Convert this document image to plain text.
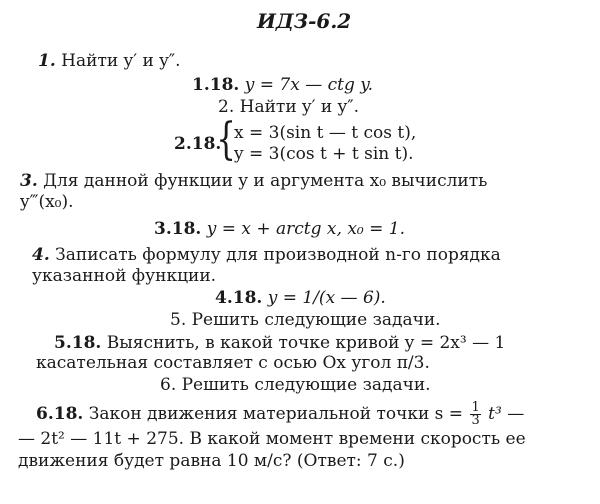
ИДЗ-6.2
1. Найти y′ и y″.
1.18. y = 7x — ctg y.
2. Найти y′ и y″.
2.18.
{
x = 3(sin t — t cos t),
y = 3(cos t + t sin t).
3. Для данной функции y и аргумента x₀ вычислить
y‴(x₀).
3.18. y = x + arctg x, x₀ = 1.
4. Записать формулу для производной n-го порядка
указанной функции.
4.18. y = 1/(x — 6).
5. Решить следующие задачи.
5.18. Выяснить, в какой точке кривой y = 2x³ — 1
касательная составляет с осью Ox угол π/3.
6. Решить следующие задачи.
6.18. Закон движения материальной точки $s = \frac{1}{3} t^3$ —
— 2t² — 11t + 275. В какой момент времени скорость ее
движения будет равна 10 м/с? (Ответ: 7 с.)
